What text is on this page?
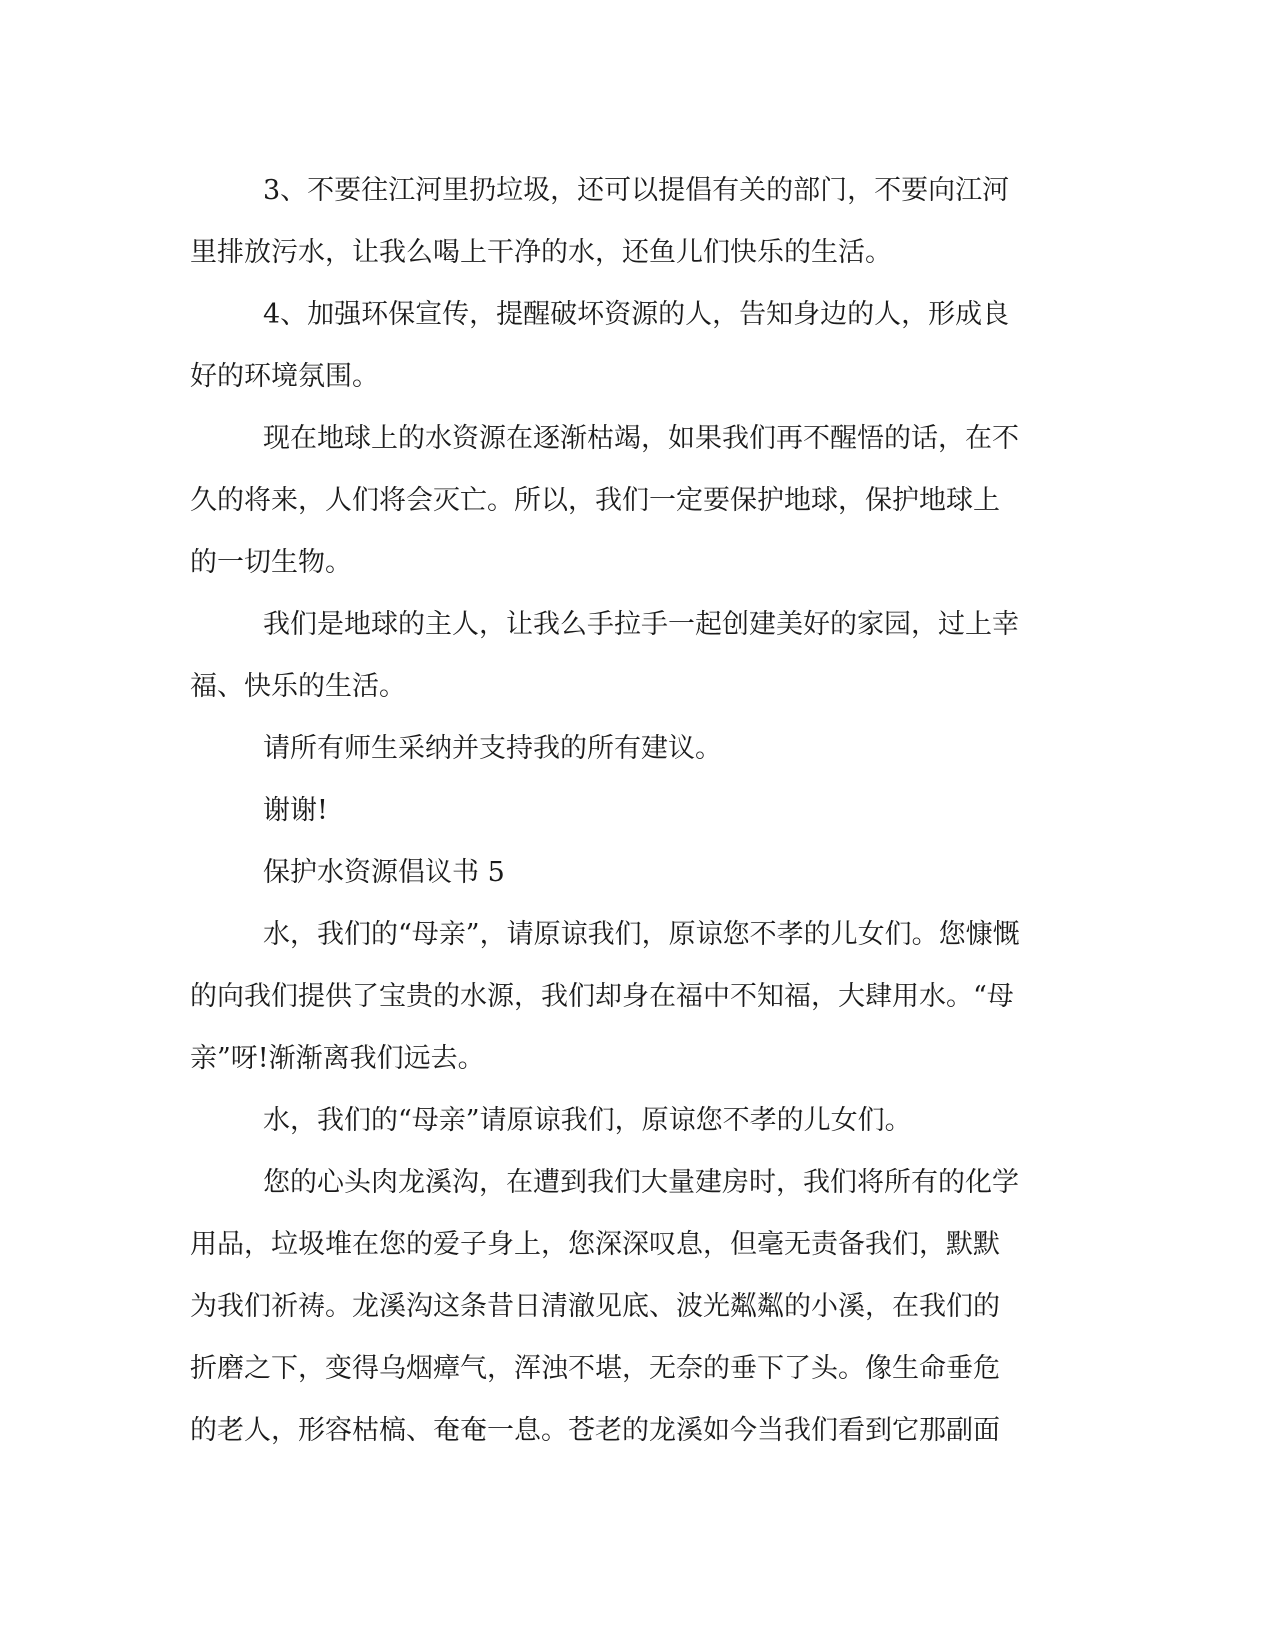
3、不要往江河里扔垃圾，还可以提倡有关的部门，不要向江河
里排放污水，让我么喝上干净的水，还鱼儿们快乐的生活。
4、加强环保宣传，提醒破坏资源的人，告知身边的人，形成良
好的环境氛围。
现在地球上的水资源在逐渐枯竭，如果我们再不醒悟的话，在不
久的将来，人们将会灭亡。所以，我们一定要保护地球，保护地球上
的一切生物。
我们是地球的主人，让我么手拉手一起创建美好的家园，过上幸
福、快乐的生活。
请所有师生采纳并支持我的所有建议。
谢谢!
保护水资源倡议书 5
水，我们的“母亲”，请原谅我们，原谅您不孝的儿女们。您慷慨
的向我们提供了宝贵的水源，我们却身在福中不知福，大肆用水。“母
亲”呀!渐渐离我们远去。
水，我们的“母亲”请原谅我们，原谅您不孝的儿女们。
您的心头肉龙溪沟，在遭到我们大量建房时，我们将所有的化学
用品，垃圾堆在您的爱子身上，您深深叹息，但毫无责备我们，默默
为我们祈祷。龙溪沟这条昔日清澈见底、波光粼粼的小溪，在我们的
折磨之下，变得乌烟瘴气，浑浊不堪，无奈的垂下了头。像生命垂危
的老人，形容枯槁、奄奄一息。苍老的龙溪如今当我们看到它那副面
